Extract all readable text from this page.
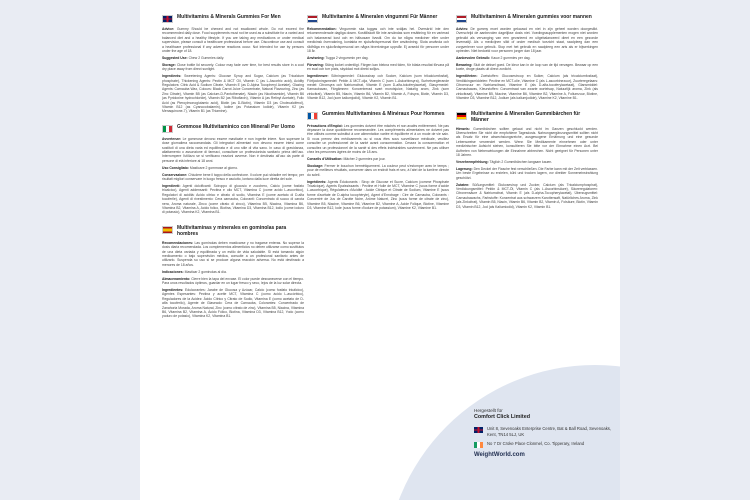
Multivitamins & Minerals Gummies For Men

Advice: Gummy Should be chewed and not swallowed whole. Do not exceed the recommended daily dose. Food supplements must not be used as a substitute for a varied and balanced diet and a healthy lifestyle. If you are taking any medications or under medical supervision, please consult a healthcare professional before use. Discontinue use and consult a healthcare professional if any adverse reactions occur. Not intended for use by persons under the age of 18.

Suggested Use: Chew 2 Gummies daily.

Storage: Close bottle lid securely. Colour may fade over time, for best results store in a cool dry place away from direct sunlight.

Ingredients: Sweetening Agents: Glucose Syrup and Sugar, Calcium (as Tricalcium phosphate), Thickening Agents: Pectin & MCT Oil, Vitamin C (as L-Ascorbic acid), Acidity Regulators: Citric Acid & Sodium Citrate, Vitamin E (as D-Alpha Tocopheryl Acetate), Glazing Agents: Carnauba Wax, Colours: Black Carrot Juice Concentrate, Natural Flavouring, Zinc (as Zinc Citrate), Vitamin B5 (as Calcium-D-Pantothenate), Niacin (as Nicotinamide), Vitamin B6 (as Pyridoxine hydrochloride), Vitamin B2 (as Riboflavin), Vitamin A (as Retinyl Acetate), Folic Acid (as Pteroylmonoglutamic acid), Biotin (as D-Biotin), Vitamin D3 (as Cholecalciferol), Vitamin B12 (as Cyanocobalamin), Iodine (as Potassium Iodide), Vitamin K2 (as Menaquinone-7), Vitamin B1 (as Thiamine).

Gommose Multivitaminico con Minerali Per Uomo

Avvertenze: Le gommose devono essere masticate e non ingerite intere. Non superare la dose giornaliera raccomandata. Gli integratori alimentari non devono essere intesi come sostituti di una dieta varia ed equilibrata e di uno stile di vita sano. In caso di gravidanza, allattamento o assunzione di farmaci, consultare un professionista sanitario prima dell'uso. Interrompere l'utilizzo se si verificano reazioni avverse. Non è destinato all'uso da parte di persone di età inferiore ai 18 anni.

Uso Consigliato: Masticare 2 gommose al giorno.

Conservazione: Chiudere bene il tappo della confezione. Il colore può sbiadire nel tempo; per risultati migliori conservare in luogo fresco e asciutto, lontano dalla luce diretta del sole.

Ingredienti: Agenti dolcificanti: Sciroppo di glucosio e zucchero, Calcio (come fosfato tricalcico), Agenti addensanti: Pectina e olio MCT, Vitamina C (come acido L-ascorbico), Regolatori di acidità: Acido citrico e citrato di sodio, Vitamina E (come acetato di D-alfa tocoferile), Agenti di rivestimento: Cera carnauba, Coloranti: Concentrato di succo di carota nera, Aroma naturale, Zinco (come citrato di zinco), Vitamina B5, Niacina, Vitamina B6, Vitamina B2, Vitamina A, Acido folico, Biotina, Vitamina D3, Vitamina B12, Iodio (come ioduro di potassio), Vitamina K2, Vitamina B1.

Multivitaminas y minerales en gominolas para hombres

Recomendaciones: Las gominolas deben masticarse y no tragarse enteras. No superar la dosis diaria recomendada. Los complementos alimenticios no deben utilizarse como sustitutos de una dieta variada y equilibrada y un estilo de vida saludable. Si está tomando algún medicamento o bajo supervisión médica, consulte a un profesional sanitario antes de utilizarlo. Suspenda su uso si se produce alguna reacción adversa. No está destinado a menores de 18 años.

Indicaciones: Masticar 2 gominolas al día.

Almacenamiento: Cierre bien la tapa del envase. El color puede desvanecerse con el tiempo. Para unos resultados óptimos, guardar en un lugar fresco y seco, lejos de la luz solar directa.

Ingredientes: Edulcorantes: Jarabe de Glucosa y Azúcar, Calcio (como fosfato tricálcico), Agentes Espesantes: Pectina y aceite MCT, Vitamina C (como ácido L-ascórbico), Reguladores de la Acidez: Ácido Cítrico y Citrato de Sodio, Vitamina E (como acetato de D-alfa tocoferilo), Agente de Glaseado: Cera de Carnauba, Colorantes: Concentrado de Zanahoria Morada, Aroma Natural, Zinc (como citrato de zinc), Vitamina B5, Niacina, Vitamina B6, Vitamina B2, Vitamina A, Ácido Fólico, Biotina, Vitamina D3, Vitamina B12, Yodo (como yoduro de potasio), Vitamina K2, Vitamina B1.

Multivitamine & Mineralen vingummi Für Männer

Rekommendation: Vingummin ska tuggas och inte sväljas hel. Överskrid inte den rekommenderade dagliga dosen. Kosttillskott får inte användas som ersättning för en varierad och balanserad kost och en hälsosam livsstil. Om du tar några mediciner eller under medicinsk övervakning, kontakta en sjukvårdspersonal före användning. Sluta använda och rådfråga en sjukvårdspersonal om några biverkningar uppstår. Ej avsedd för personer under 18 år.

Anvisning: Tugga 2 vingummin per dag.

Förvaring: Stäng locket ordentligt. Färgen kan blekna med tiden, för bästa resultat förvara på en sval och torr plats, skyddad mot direkt solljus.

Ingredienser: Sötningsmedel: Glukossirap och Socker, Kalcium (som trikalciumfosfat), Förtjockningsmedel: Pektin & MCT-olja, Vitamin C (som L-Askorbinsyra), Surhetsreglerande medel: Citronsyra och Natriumcitrat, Vitamin E (som D-alfa-tokoferylacetat), Glasyrmedel: Karnaubavax, Färgämnen: Koncentrerad svart morotsjuice, Naturlig arom, Zink (som zinkcitrat), Vitamin B5, Niacin, Vitamin B6, Vitamin B2, Vitamin A, Folsyra, Biotin, Vitamin D3, Vitamin B12, Jod (som kaliumjodid), Vitamin K2, Vitamin B1.

Gummies Multivitamines & Minéraux Pour Hommes

Précautions d'Emploi: Les gummies doivent être mâchés et non avalés entièrement. Ne pas dépasser la dose quotidienne recommandée. Les compléments alimentaires ne doivent pas être utilisés comme substitut à une alimentation variée et équilibrée et à un mode de vie sain. Si vous prenez des médicaments ou si vous êtes sous surveillance médicale, veuillez consulter un professionnel de la santé avant consommation. Cessez la consommation et consultez un professionnel de la santé si des effets indésirables surviennent. Ne pas utiliser chez les personnes âgées de moins de 18 ans.

Conseils d'Utilisation: Mâcher 2 gummies par jour.

Stockage: Fermer le bouchon hermétiquement. La couleur peut s'estomper avec le temps ; pour de meilleurs résultats, conserver dans un endroit frais et sec, à l'abri de la lumière directe du soleil.

Ingrédients: Agents Édulcorants : Sirop de Glucose et Sucre, Calcium (comme Phosphate Tricalcique), Agents Epaississants : Pectine et Huile de MCT, Vitamine C (sous forme d'acide L-ascorbique), Régulateurs d'Acidité : Acide Citrique et Citrate de Sodium, Vitamine E (sous forme d'acétate de D-alpha tocophéryle), Agent d'Enrobage : Cire de Carnauba, Colorants : Concentré de Jus de Carotte Noire, Arôme Naturel, Zinc (sous forme de citrate de zinc), Vitamine B5, Niacine, Vitamine B6, Vitamine B2, Vitamine A, Acide Folique, Biotine, Vitamine D3, Vitamine B12, Iode (sous forme d'iodure de potassium), Vitamine K2, Vitamine B1.

Multivitaminen & Mineralen gummies voor mannen

Advies: De gummy moet worden gekauwd en niet in zijn geheel worden doorgeslikt. Overschrijd de aanbevolen dagelijkse dosis niet. Voedingssupplementen mogen niet worden gebruikt als vervanging van een gevarieerd en uitgebalanceerd dieet en een gezonde levensstijl. Als u medicijnen slikt of onder medisch toezicht staat, raadpleeg dan een zorgverlener voor gebruik. Stop met het gebruik en raadpleeg een arts als er bijwerkingen optreden. Niet bedoeld voor personen jonger dan 18 jaar.

Aanbevolen Gebruik: Kauw 2 gummies per dag.

Bewaring: Sluit de deksel goed. De kleur kan in de loop van de tijd vervagen. Bewaar op een koele, droge plaats uit direct zonlicht.

Ingrediënten: Zoetstoffen: Glucosestroop en Suiker, Calcium (als tricalciumfosfaat), Verdikkingsmiddelen: Pectine en MCT-olie, Vitamine C (als L-ascorbinezuur), Zuurteregelaars: Citroenzuur en Natriumcitraat, Vitamine E (als D-alfa-tocoferylacetaat), Glansmiddel: Carnaubawas, Kleurstoffen: Concentraat van zwarte wortelsap, Natuurlijk aroma, Zink (als zinkcitraat), Vitamine B5, Niacine, Vitamine B6, Vitamine B2, Vitamine A, Foliumzuur, Biotine, Vitamine D3, Vitamine B12, Jodium (als kaliumjodide), Vitamine K2, Vitamine B1.

Multivitamine & Mineralien Gummibärchen für Männer

Hinweis: Gummibärchen sollten gekaut und nicht im Ganzen geschluckt werden. Überschreiten Sie nicht die empfohlene Tagesdosis. Nahrungsergänzungsmittel sollten nicht als Ersatz für eine abwechslungsreiche, ausgewogene Ernährung und eine gesunde Lebensweise verwendet werden. Wenn Sie Medikamente einnehmen oder unter medizinischer Aufsicht stehen, konsultieren Sie bitte vor der Einnahme einen Arzt. Bei Auftreten von Nebenwirkungen die Einnahme abbrechen. Nicht geeignet für Personen unter 18 Jahren.

Verzehrempfehlung: Täglich 2 Gummibärchen langsam kauen.

Lagerung: Den Deckel der Flasche fest verschließen. Die Farbe kann mit der Zeit verblassen. Um beste Ergebnisse zu erzielen, kühl und trocken lagern, vor direkter Sonneneinstrahlung geschützt.

Zutaten: Süßungsmittel: Glukosesirup und Zucker, Calcium (als Tricalciumphosphat), Verdickungsmittel: Pektin & MCT-Öl, Vitamin C (als L-Ascorbinsäure), Säureregulatoren: Citronensäure & Natriumcitrat, Vitamin E (als D-alpha-Tocopherylacetat), Überzugsmittel: Carnaubawachs, Farbstoffe: Konzentrat aus schwarzem Karottensaft, Natürliches Aroma, Zink (als Zinkcitrat), Vitamin B5, Niacin, Vitamin B6, Vitamin B2, Vitamin A, Folsäure, Biotin, Vitamin D3, Vitamin B12, Jod (als Kaliumiodid), Vitamin K2, Vitamin B1.

Hergestellt für
Comfort Click Limited
Unit 8, Sevenoaks Enterprise Centre, Bat & Ball Road, Sevenoaks, Kent, TN14 5LJ, UK
No 7 Dr Croke Place Clonmel, Co. Tipperary, Ireland
WeightWorld.com
